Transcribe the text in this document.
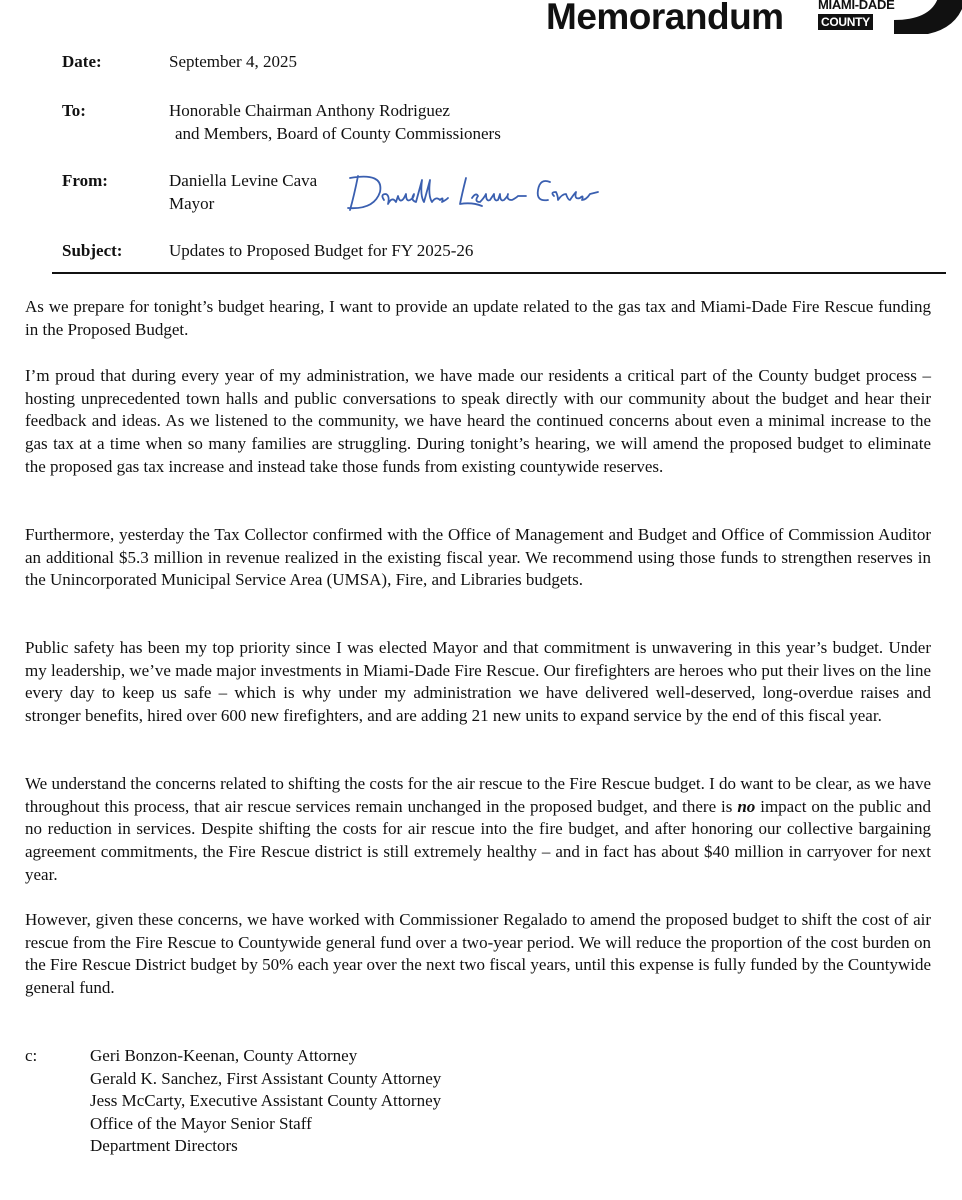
Memorandum	MIAMI-DADE
COUNTY
Date:	September 4, 2025
To:	Honorable Chairman Anthony Rodriguez
and Members, Board of County Commissioners
From:	Daniella Levine Cava
Mayor
Subject:	Updates to Proposed Budget for FY 2025-26

As we prepare for tonight’s budget hearing, I want to provide an update related to the gas tax and Miami-Dade Fire Rescue funding in the Proposed Budget.

I’m proud that during every year of my administration, we have made our residents a critical part of the County budget process – hosting unprecedented town halls and public conversations to speak directly with our community about the budget and hear their feedback and ideas. As we listened to the community, we have heard the continued concerns about even a minimal increase to the gas tax at a time when so many families are struggling. During tonight’s hearing, we will amend the proposed budget to eliminate the proposed gas tax increase and instead take those funds from existing countywide reserves.

Furthermore, yesterday the Tax Collector confirmed with the Office of Management and Budget and Office of Commission Auditor an additional $5.3 million in revenue realized in the existing fiscal year. We recommend using those funds to strengthen reserves in the Unincorporated Municipal Service Area (UMSA), Fire, and Libraries budgets.

Public safety has been my top priority since I was elected Mayor and that commitment is unwavering in this year’s budget. Under my leadership, we’ve made major investments in Miami-Dade Fire Rescue. Our firefighters are heroes who put their lives on the line every day to keep us safe – which is why under my administration we have delivered well-deserved, long-overdue raises and stronger benefits, hired over 600 new firefighters, and are adding 21 new units to expand service by the end of this fiscal year.

We understand the concerns related to shifting the costs for the air rescue to the Fire Rescue budget. I do want to be clear, as we have throughout this process, that air rescue services remain unchanged in the proposed budget, and there is no impact on the public and no reduction in services. Despite shifting the costs for air rescue into the fire budget, and after honoring our collective bargaining agreement commitments, the Fire Rescue district is still extremely healthy – and in fact has about $40 million in carryover for next year.

However, given these concerns, we have worked with Commissioner Regalado to amend the proposed budget to shift the cost of air rescue from the Fire Rescue to Countywide general fund over a two-year period. We will reduce the proportion of the cost burden on the Fire Rescue District budget by 50% each year over the next two fiscal years, until this expense is fully funded by the Countywide general fund.

c:	Geri Bonzon-Keenan, County Attorney
Gerald K. Sanchez, First Assistant County Attorney
Jess McCarty, Executive Assistant County Attorney
Office of the Mayor Senior Staff
Department Directors
